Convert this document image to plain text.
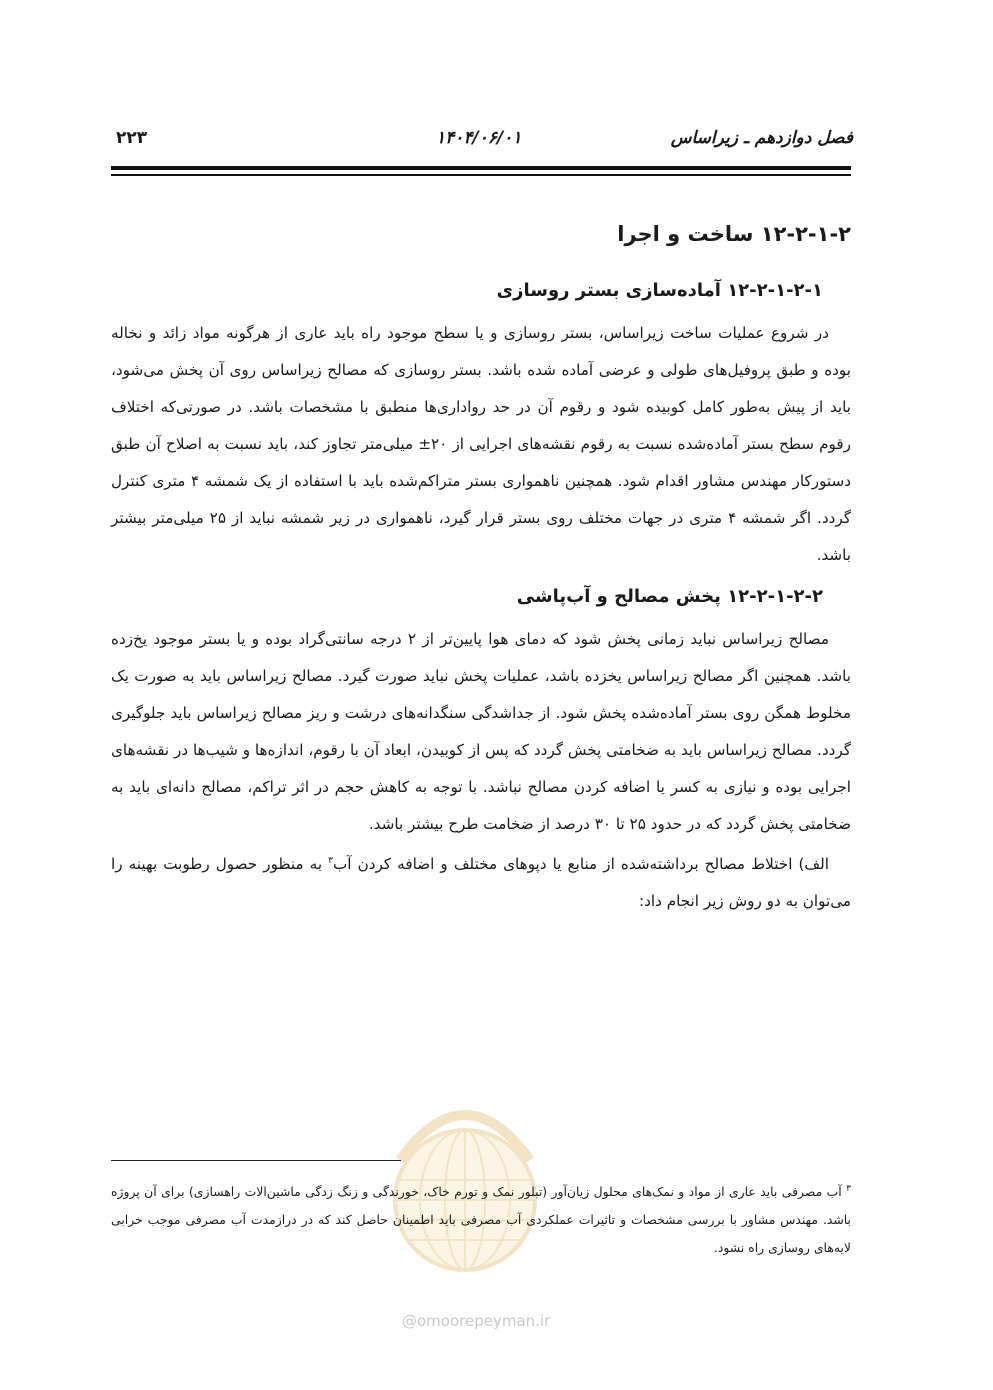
فصل دوازدهم ـ زیراساس
۱۴۰۴/۰۶/۰۱
۲۲۳
۱۲-۲-۱-۲ ساخت و اجرا
۱۲-۲-۱-۲-۱ آماده‌سازی بستر روسازی

در شروع عملیات ساخت زیراساس، بستر روسازی و یا سطح موجود راه باید عاری از هرگونه مواد زائد و نخاله بوده و طبق پروفیل‌های طولی و عرضی آماده شده باشد. بستر روسازی که مصالح زیراساس روی آن پخش می‌شود، باید از پیش به‌طور کامل کوبیده شود و رقوم آن در حد رواداری‌ها منطبق با مشخصات باشد. در صورتی‌که اختلاف رقوم سطح بستر آماده‌شده نسبت به رقوم نقشه‌های اجرایی از ۲۰± میلی‌متر تجاوز کند، باید نسبت به اصلاح آن طبق دستورکار مهندس مشاور اقدام شود. همچنین ناهمواری بستر متراکم‌شده باید با استفاده از یک شمشه ۴ متری کنترل گردد. اگر شمشه ۴ متری در جهات مختلف روی بستر قرار گیرد، ناهمواری در زیر شمشه نباید از ۲۵ میلی‌متر بیشتر باشد.

۱۲-۲-۱-۲-۲ پخش مصالح و آب‌پاشی

مصالح زیراساس نباید زمانی پخش شود که دمای هوا پایین‌تر از ۲ درجه سانتی‌گراد بوده و یا بستر موجود یخ‌زده باشد. همچنین اگر مصالح زیراساس یخزده باشد، عملیات پخش نباید صورت گیرد. مصالح زیراساس باید به صورت یک مخلوط همگن روی بستر آماده‌شده پخش شود. از جداشدگی سنگدانه‌های درشت و ریز مصالح زیراساس باید جلوگیری گردد. مصالح زیراساس باید به ضخامتی پخش گردد که پس از کوبیدن، ابعاد آن با رقوم، اندازه‌ها و شیب‌ها در نقشه‌های اجرایی بوده و نیازی به کسر یا اضافه کردن مصالح نباشد. با توجه به کاهش حجم در اثر تراکم، مصالح دانه‌ای باید به ضخامتی پخش گردد که در حدود ۲۵ تا ۳۰ درصد از ضخامت طرح بیشتر باشد.

الف) اختلاط مصالح برداشته‌شده از منابع یا دپوهای مختلف و اضافه کردن آب$^۳$ به منظور حصول رطوبت بهینه را می‌توان به دو روش زیر انجام داد:

@omoorepeyman.ir
$^۳$ آب مصرفی باید عاری از مواد و نمک‌های محلول زیان‌آور (تبلور نمک و تورم خاک، خورندگی و زنگ زدگی ماشین‌الات راهسازی) برای آن پروژه باشد. مهندس مشاور با بررسی مشخصات و تاثیرات عملکردی آب مصرفی باید اطمینان حاصل کند که در درازمدت آب مصرفی موجب خرابی لایه‌های روسازی راه نشود.
